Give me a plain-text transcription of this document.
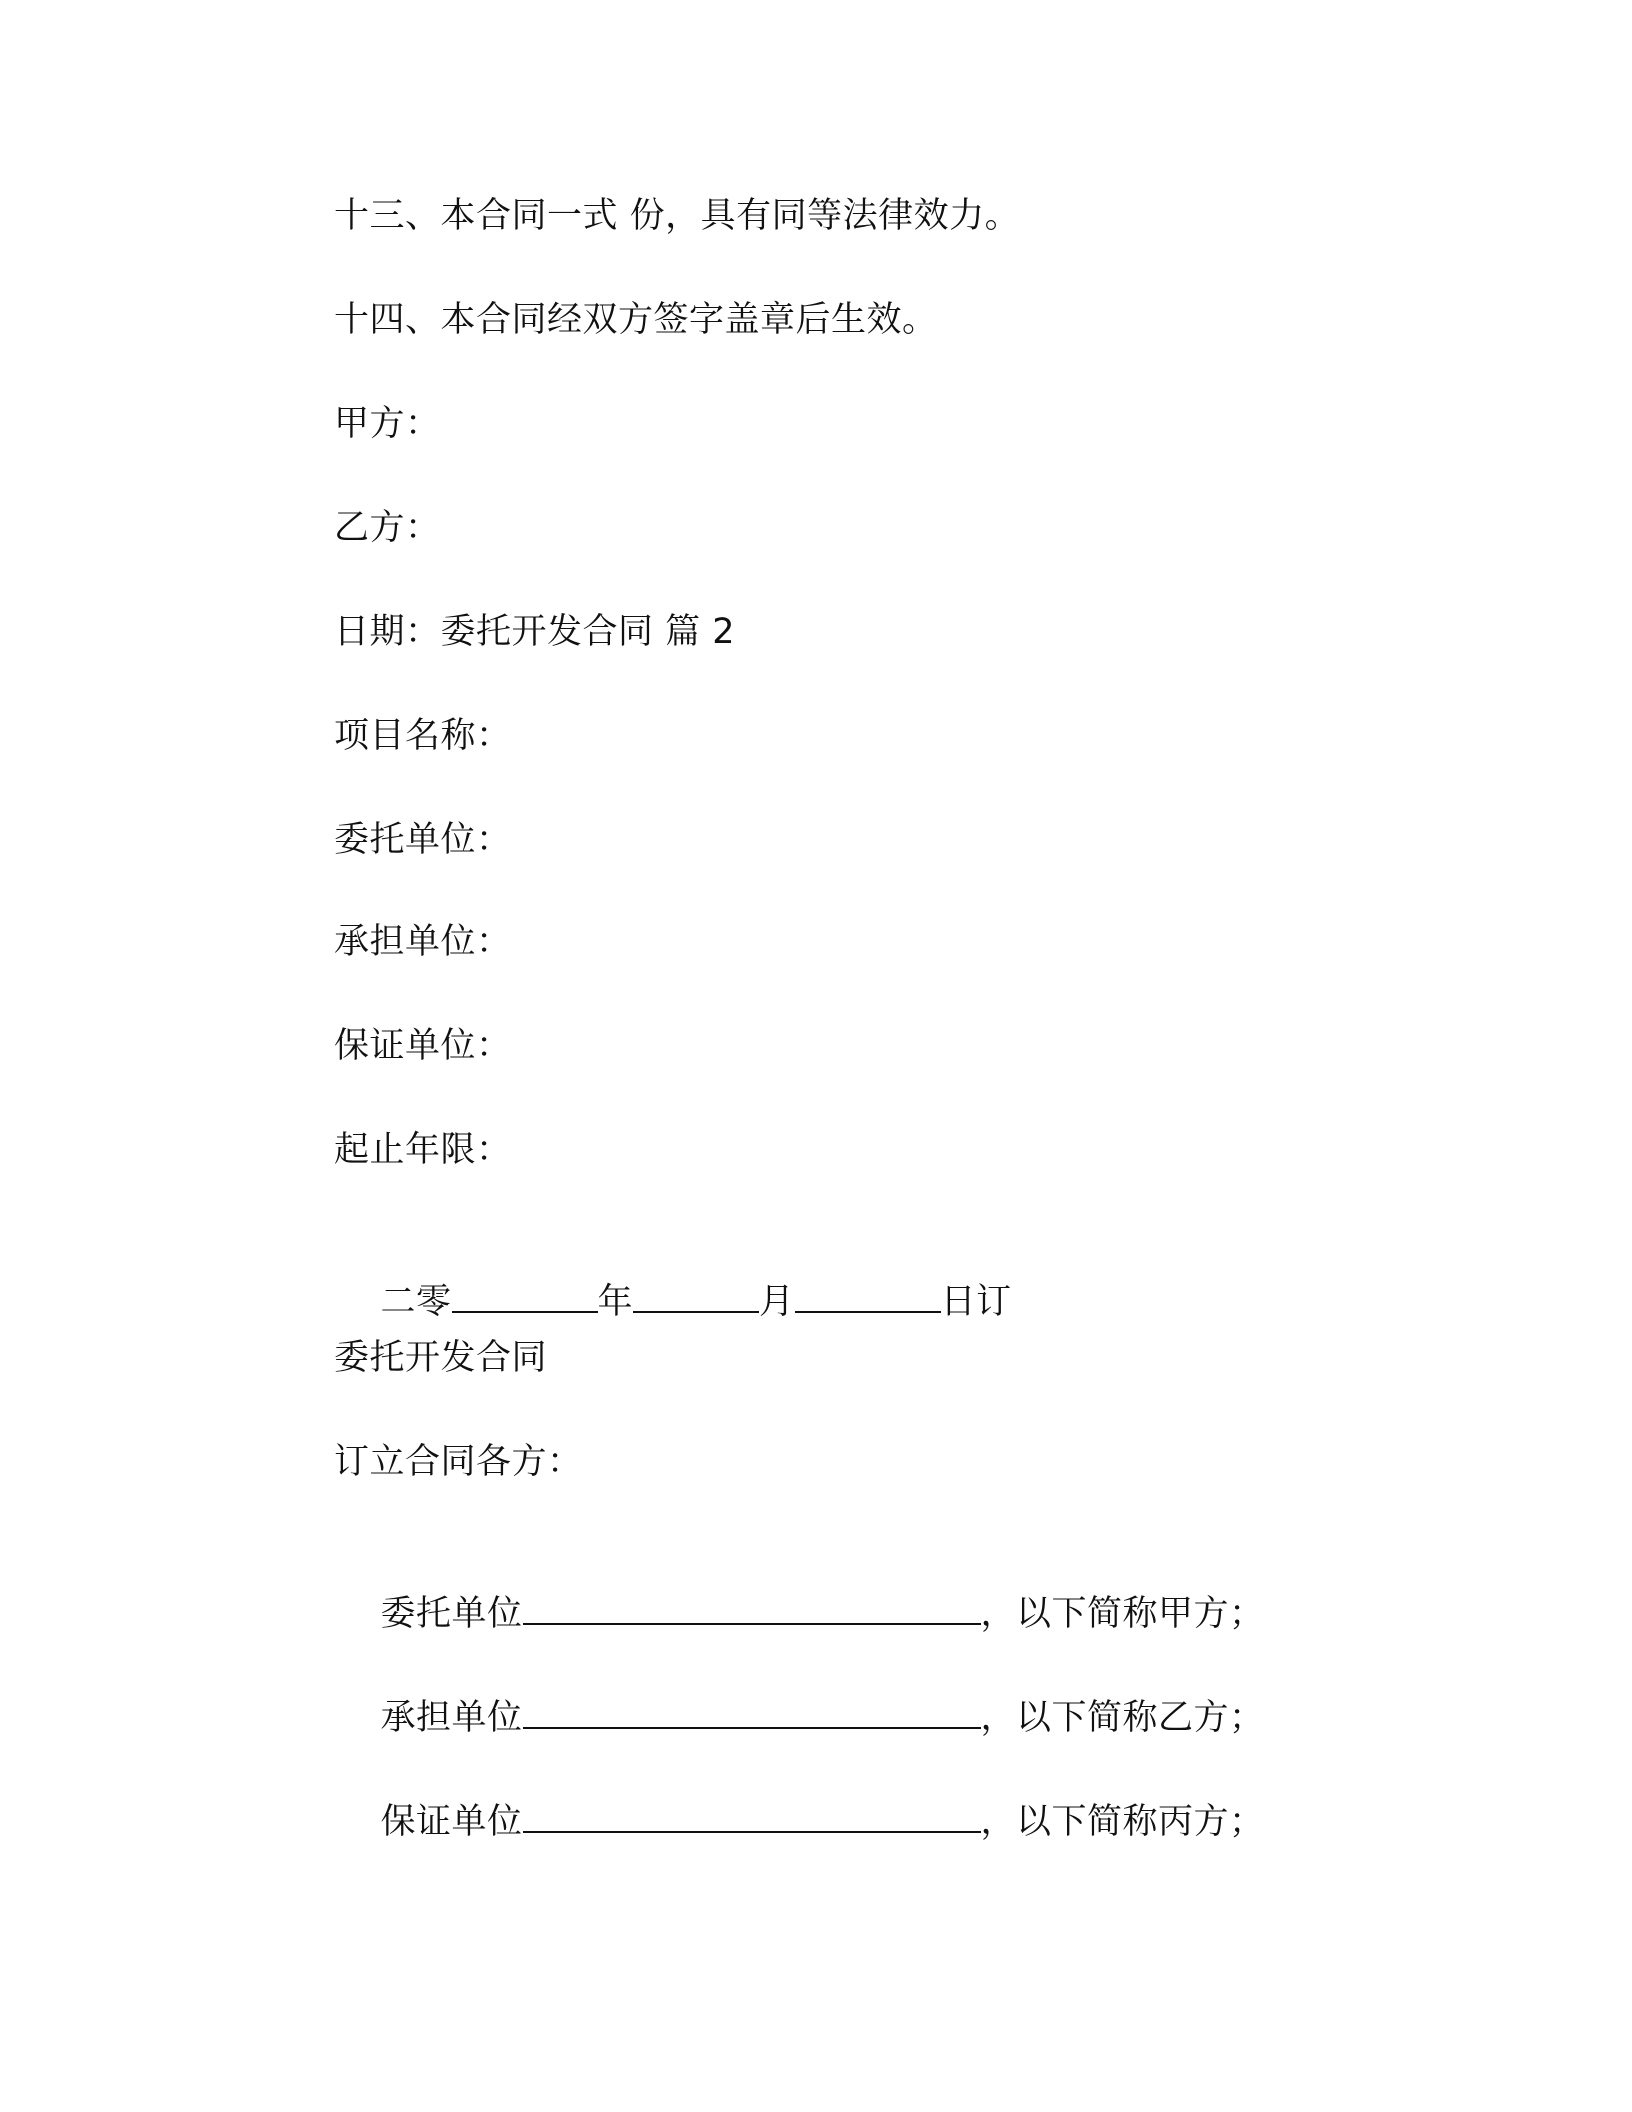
十三、本合同一式 份，具有同等法律效力。
十四、本合同经双方签字盖章后生效。
甲方：
乙方：
日期：委托开发合同 篇 2
项目名称：
委托单位：
承担单位：
保证单位：
起止年限：

二零	年	月	日订

委托开发合同
订立合同各方：

委托单位	，以下简称甲方；

承担单位	，以下简称乙方；

保证单位	，以下简称丙方；
